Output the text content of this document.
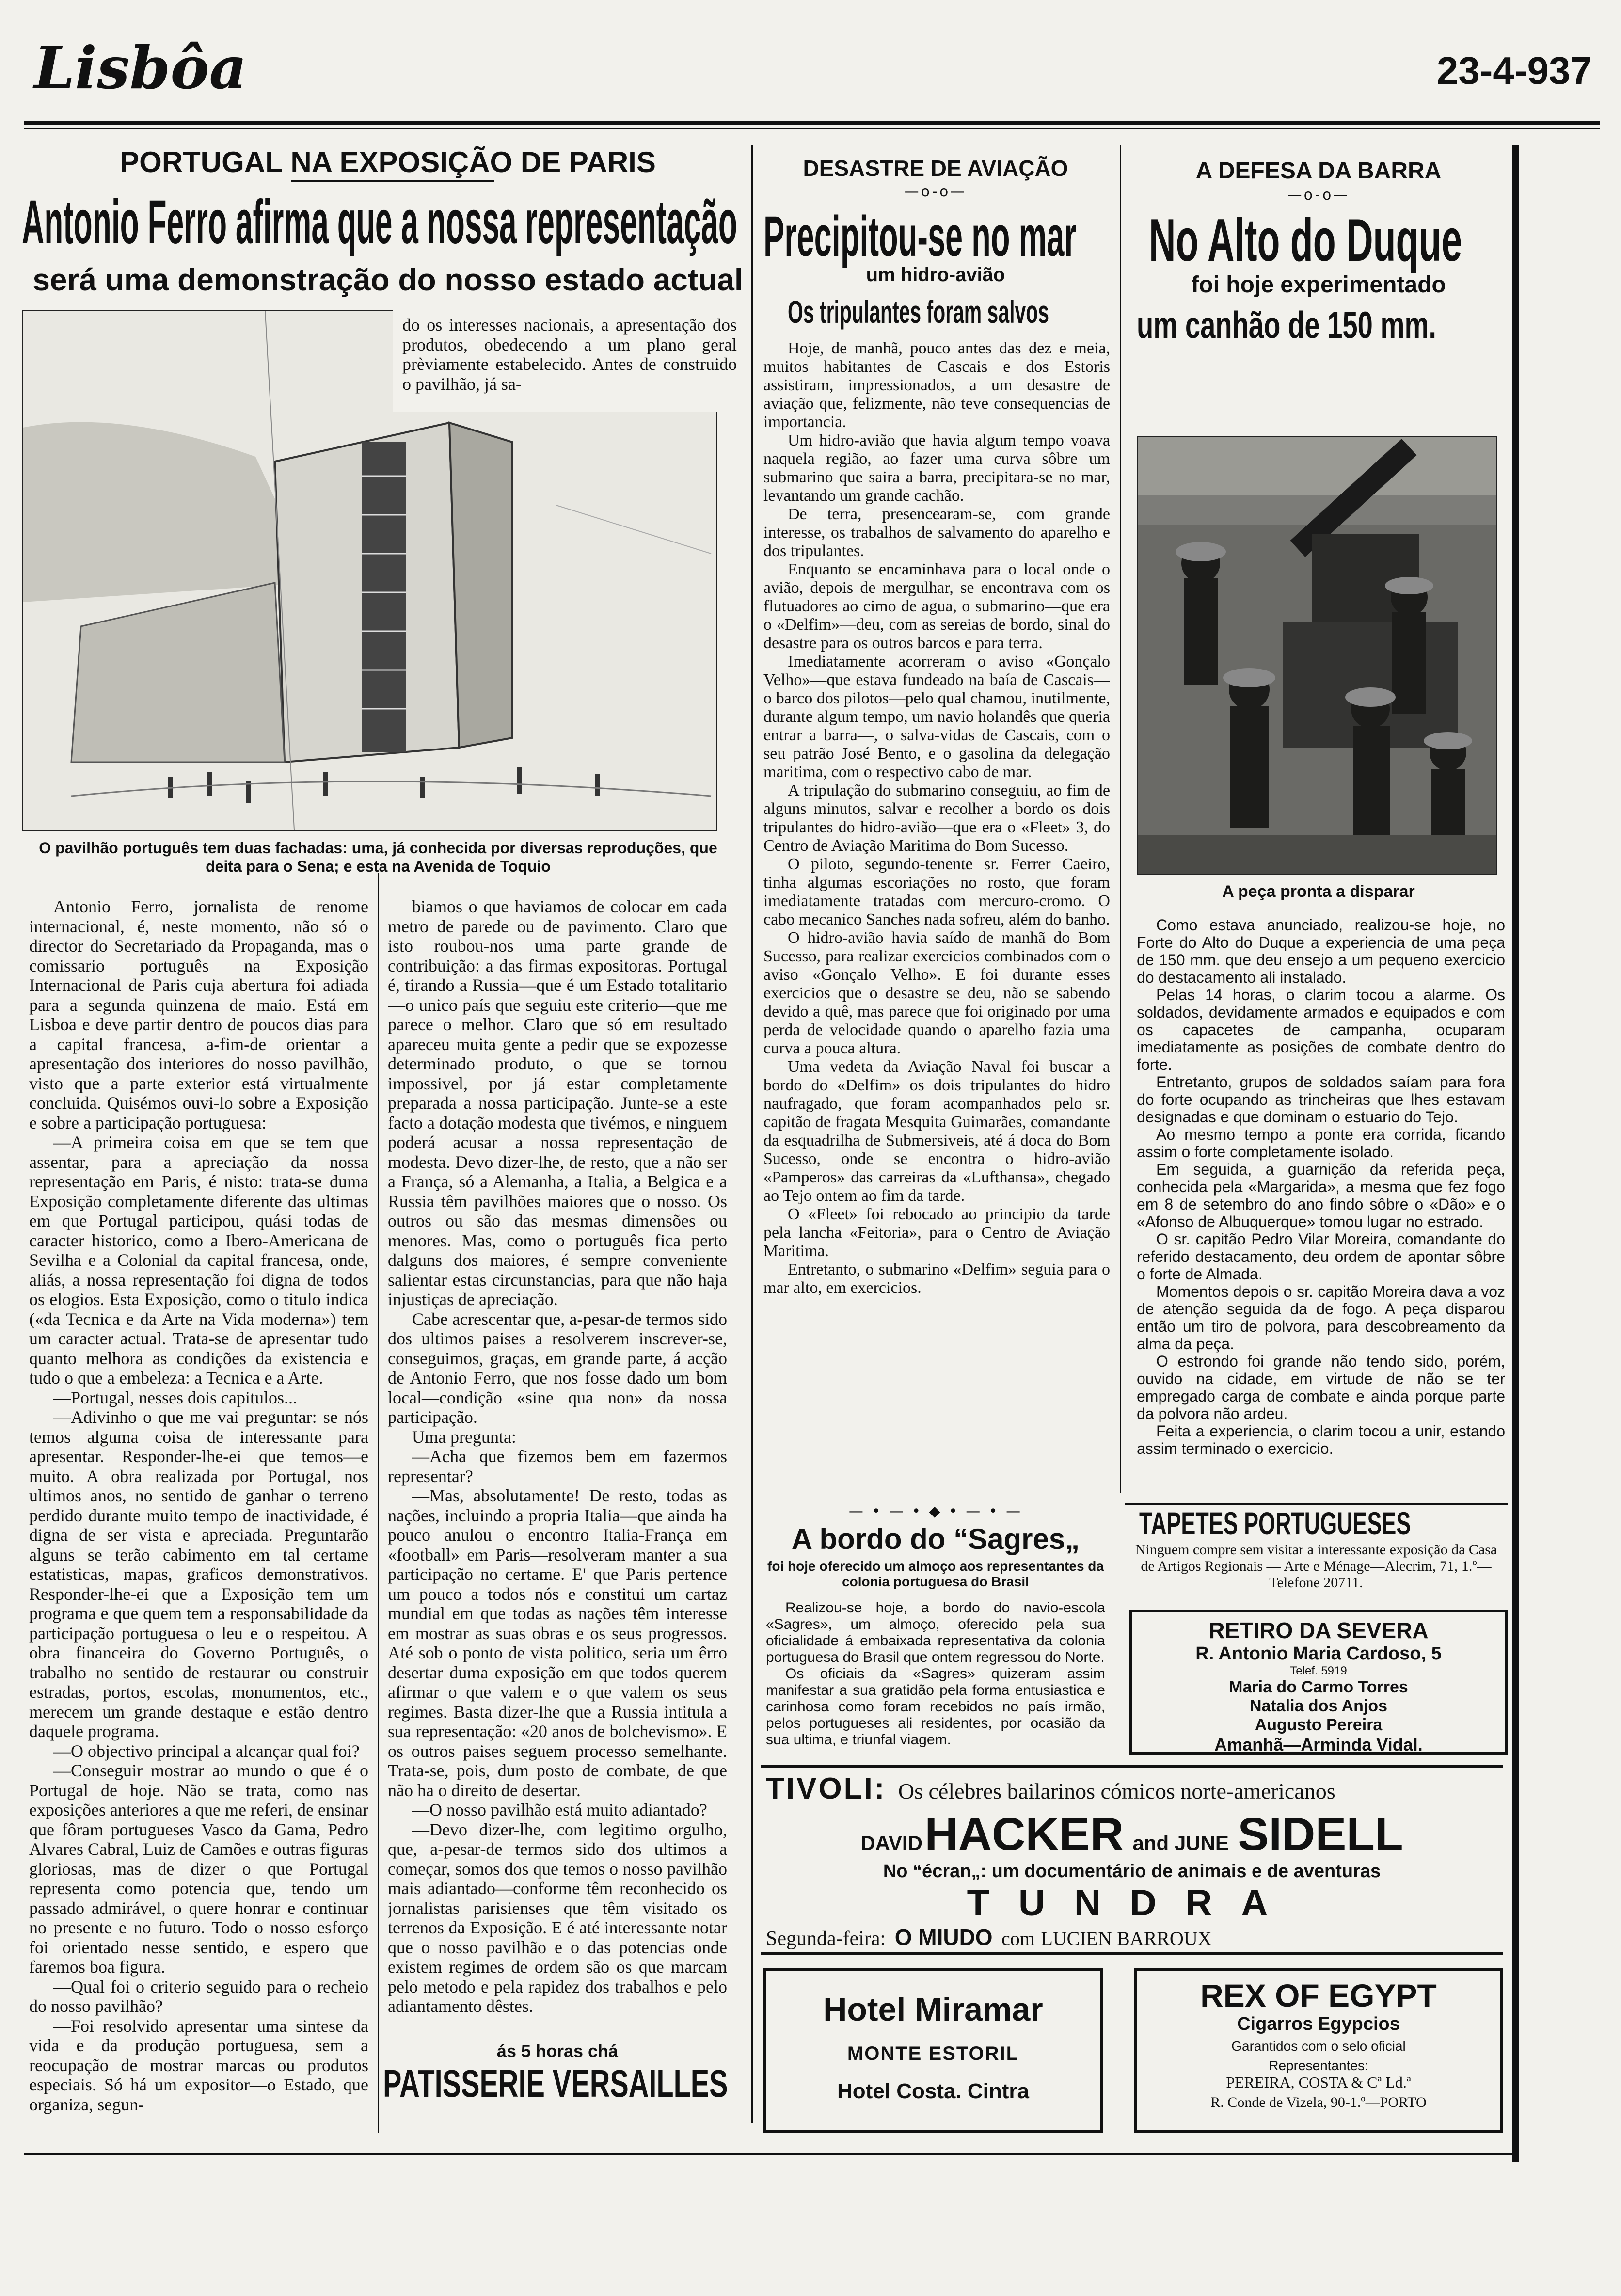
Lisbôa	23-4-937
PORTUGAL NA EXPOSIÇÃO DE PARIS
Antonio Ferro afirma que a nossa representação
será uma demonstração do nosso estado actual

do os interesses nacionais, a apresentação dos produtos, obedecendo a um plano geral prèviamente estabelecido. Antes de construido o pavilhão, já sa-

O pavilhão português tem duas fachadas: uma, já conhecida por diversas reproduções, que deita para o Sena; e esta na Avenida de Toquio

Antonio Ferro, jornalista de renome internacional, é, neste momento, não só o director do Secretariado da Propaganda, mas o comissario português na Exposição Internacional de Paris cuja abertura foi adiada para a segunda quinzena de maio. Está em Lisboa e deve partir dentro de poucos dias para a capital francesa, a-fim-de orientar a apresentação dos interiores do nosso pavilhão, visto que a parte exterior está virtualmente concluida. Quisémos ouvi-lo sobre a Exposição e sobre a participação portuguesa:

—A primeira coisa em que se tem que assentar, para a apreciação da nossa representação em Paris, é nisto: trata-se duma Exposição completamente diferente das ultimas em que Portugal participou, quási todas de caracter historico, como a Ibero-Americana de Sevilha e a Colonial da capital francesa, onde, aliás, a nossa representação foi digna de todos os elogios. Esta Exposição, como o titulo indica («da Tecnica e da Arte na Vida moderna») tem um caracter actual. Trata-se de apresentar tudo quanto melhora as condições da existencia e tudo o que a embeleza: a Tecnica e a Arte.

—Portugal, nesses dois capitulos...

—Adivinho o que me vai preguntar: se nós temos alguma coisa de interessante para apresentar. Responder-lhe-ei que temos—e muito. A obra realizada por Portugal, nos ultimos anos, no sentido de ganhar o terreno perdido durante muito tempo de inactividade, é digna de ser vista e apreciada. Preguntarão alguns se terão cabimento em tal certame estatisticas, mapas, graficos demonstrativos. Responder-lhe-ei que a Exposição tem um programa e que quem tem a responsabilidade da participação portuguesa o leu e o respeitou. A obra financeira do Governo Português, o trabalho no sentido de restaurar ou construir estradas, portos, escolas, monumentos, etc., merecem um grande destaque e estão dentro daquele programa.

—O objectivo principal a alcançar qual foi?

—Conseguir mostrar ao mundo o que é o Portugal de hoje. Não se trata, como nas exposições anteriores a que me referi, de ensinar que fôram portugueses Vasco da Gama, Pedro Alvares Cabral, Luiz de Camões e outras figuras gloriosas, mas de dizer o que Portugal representa como potencia que, tendo um passado admirável, o quere honrar e continuar no presente e no futuro. Todo o nosso esforço foi orientado nesse sentido, e espero que faremos boa figura.

—Qual foi o criterio seguido para o recheio do nosso pavilhão?

—Foi resolvido apresentar uma sintese da vida e da produção portuguesa, sem a reocupação de mostrar marcas ou produtos especiais. Só há um expositor—o Estado, que organiza, segun-

biamos o que haviamos de colocar em cada metro de parede ou de pavimento. Claro que isto roubou-nos uma parte grande de contribuição: a das firmas expositoras. Portugal é, tirando a Russia—que é um Estado totalitario—o unico país que seguiu este criterio—que me parece o melhor. Claro que só em resultado apareceu muita gente a pedir que se expozesse determinado produto, o que se tornou impossivel, por já estar completamente preparada a nossa participação. Junte-se a este facto a dotação modesta que tivémos, e ninguem poderá acusar a nossa representação de modesta. Devo dizer-lhe, de resto, que a não ser a França, só a Alemanha, a Italia, a Belgica e a Russia têm pavilhões maiores que o nosso. Os outros ou são das mesmas dimensões ou menores. Mas, como o português fica perto dalguns dos maiores, é sempre conveniente salientar estas circunstancias, para que não haja injustiças de apreciação.

Cabe acrescentar que, a-pesar-de termos sido dos ultimos paises a resolverem inscrever-se, conseguimos, graças, em grande parte, á acção de Antonio Ferro, que nos fosse dado um bom local—condição «sine qua non» da nossa participação.

Uma pregunta:

—Acha que fizemos bem em fazermos representar?

—Mas, absolutamente! De resto, todas as nações, incluindo a propria Italia—que ainda ha pouco anulou o encontro Italia-França em «football» em Paris—resolveram manter a sua participação no certame. E' que Paris pertence um pouco a todos nós e constitui um cartaz mundial em que todas as nações têm interesse em mostrar as suas obras e os seus progressos. Até sob o ponto de vista politico, seria um êrro desertar duma exposição em que todos querem afirmar o que valem e o que valem os seus regimes. Basta dizer-lhe que a Russia intitula a sua representação: «20 anos de bolchevismo». E os outros paises seguem processo semelhante. Trata-se, pois, dum posto de combate, de que não ha o direito de desertar.

—O nosso pavilhão está muito adiantado?

—Devo dizer-lhe, com legitimo orgulho, que, a-pesar-de termos sido dos ultimos a começar, somos dos que temos o nosso pavilhão mais adiantado—conforme têm reconhecido os jornalistas parisienses que têm visitado os terrenos da Exposição. E é até interessante notar que o nosso pavilhão e o das potencias onde existem regimes de ordem são os que marcam pelo metodo e pela rapidez dos trabalhos e pelo adiantamento dêstes.

ás 5 horas chá
PATISSERIE VERSAILLES
DESASTRE DE AVIAÇÃO
—o-o—
Precipitou-se no mar
um hidro-avião
Os tripulantes foram salvos

Hoje, de manhã, pouco antes das dez e meia, muitos habitantes de Cascais e dos Estoris assistiram, impressionados, a um desastre de aviação que, felizmente, não teve consequencias de importancia.

Um hidro-avião que havia algum tempo voava naquela região, ao fazer uma curva sôbre um submarino que saira a barra, precipitara-se no mar, levantando um grande cachão.

De terra, presencearam-se, com grande interesse, os trabalhos de salvamento do aparelho e dos tripulantes.

Enquanto se encaminhava para o local onde o avião, depois de mergulhar, se encontrava com os flutuadores ao cimo de agua, o submarino—que era o «Delfim»—deu, com as sereias de bordo, sinal do desastre para os outros barcos e para terra.

Imediatamente acorreram o aviso «Gonçalo Velho»—que estava fundeado na baía de Cascais—o barco dos pilotos—pelo qual chamou, inutilmente, durante algum tempo, um navio holandês que queria entrar a barra—, o salva-vidas de Cascais, com o seu patrão José Bento, e o gasolina da delegação maritima, com o respectivo cabo de mar.

A tripulação do submarino conseguiu, ao fim de alguns minutos, salvar e recolher a bordo os dois tripulantes do hidro-avião—que era o «Fleet» 3, do Centro de Aviação Maritima do Bom Sucesso.

O piloto, segundo-tenente sr. Ferrer Caeiro, tinha algumas escoriações no rosto, que foram imediatamente tratadas com mercuro-cromo. O cabo mecanico Sanches nada sofreu, além do banho.

O hidro-avião havia saído de manhã do Bom Sucesso, para realizar exercicios combinados com o aviso «Gonçalo Velho». E foi durante esses exercicios que o desastre se deu, não se sabendo devido a quê, mas parece que foi originado por uma perda de velocidade quando o aparelho fazia uma curva a pouca altura.

Uma vedeta da Aviação Naval foi buscar a bordo do «Delfim» os dois tripulantes do hidro naufragado, que foram acompanhados pelo sr. capitão de fragata Mesquita Guimarães, comandante da esquadrilha de Submersiveis, até á doca do Bom Sucesso, onde se encontra o hidro-avião «Pamperos» das carreiras da «Lufthansa», chegado ao Tejo ontem ao fim da tarde.

O «Fleet» foi rebocado ao principio da tarde pela lancha «Feitoria», para o Centro de Aviação Maritima.

Entretanto, o submarino «Delfim» seguia para o mar alto, em exercicios.

A DEFESA DA BARRA
—o-o—
No Alto do Duque
foi hoje experimentado
um canhão de 150 mm.
A peça pronta a disparar

Como estava anunciado, realizou-se hoje, no Forte do Alto do Duque a experiencia de uma peça de 150 mm. que deu ensejo a um pequeno exercicio do destacamento ali instalado.

Pelas 14 horas, o clarim tocou a alarme. Os soldados, devidamente armados e equipados e com os capacetes de campanha, ocuparam imediatamente as posições de combate dentro do forte.

Entretanto, grupos de soldados saíam para fora do forte ocupando as trincheiras que lhes estavam designadas e que dominam o estuario do Tejo.

Ao mesmo tempo a ponte era corrida, ficando assim o forte completamente isolado.

Em seguida, a guarnição da referida peça, conhecida pela «Margarida», a mesma que fez fogo em 8 de setembro do ano findo sôbre o «Dão» e o «Afonso de Albuquerque» tomou lugar no estrado.

O sr. capitão Pedro Vilar Moreira, comandante do referido destacamento, deu ordem de apontar sôbre o forte de Almada.

Momentos depois o sr. capitão Moreira dava a voz de atenção seguida da de fogo. A peça disparou então um tiro de polvora, para descobreamento da alma da peça.

O estrondo foi grande não tendo sido, porém, ouvido na cidade, em virtude de não se ter empregado carga de combate e ainda porque parte da polvora não ardeu.

Feita a experiencia, o clarim tocou a unir, estando assim terminado o exercicio.

— • — • ◆ • — • —
A bordo do “Sagres„
foi hoje oferecido um almoço aos representantes da colonia portuguesa do Brasil

Realizou-se hoje, a bordo do navio-escola «Sagres», um almoço, oferecido pela sua oficialidade á embaixada representativa da colonia portuguesa do Brasil que ontem regressou do Norte.

Os oficiais da «Sagres» quizeram assim manifestar a sua gratidão pela forma entusiastica e carinhosa como foram recebidos no país irmão, pelos portugueses ali residentes, por ocasião da sua ultima, e triunfal viagem.

TAPETES PORTUGUESES
Ninguem compre sem visitar a interessante exposição da Casa de Artigos Regionais — Arte e Ménage—Alecrim, 71, 1.º—Telefone 20711.
RETIRO DA SEVERA
R. Antonio Maria Cardoso, 5
Telef. 5919
Maria do Carmo Torres
Natalia dos Anjos
Augusto Pereira
Amanhã—Arminda Vidal.
TIVOLI: Os célebres bailarinos cómicos norte-americanos
DAVID HACKER and JUNE SIDELL
No “écran„: um documentário de animais e de aventuras
TUNDRA
Segunda-feira: O MIUDO com LUCIEN BARROUX
Hotel Miramar
MONTE ESTORIL
Hotel Costa. Cintra
REX OF EGYPT
Cigarros Egypcios
Garantidos com o selo oficial
Representantes:
PEREIRA, COSTA & Cª Ld.ª
R. Conde de Vizela, 90-1.º—PORTO
